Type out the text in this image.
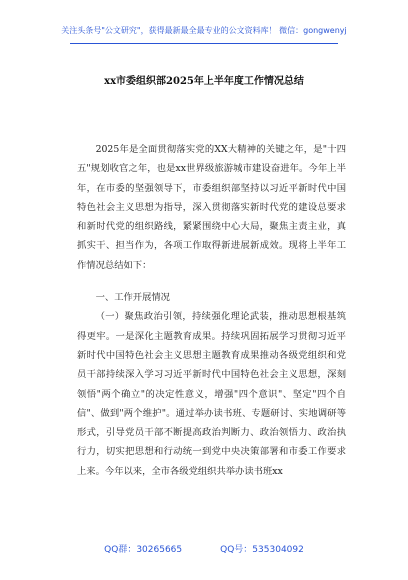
关注头条号"公文研究"，获得最新最全最专业的公文资料库！ 微信：gongwenyj
xx市委组织部2025年上半年度工作情况总结

2025年是全面贯彻落实党的XX大精神的关键之年，是"十四五"规划收官之年，也是xx世界级旅游城市建设奋进年。今年上半年，在市委的坚强领导下，市委组织部坚持以习近平新时代中国特色社会主义思想为指导，深入贯彻落实新时代党的建设总要求和新时代党的组织路线，紧紧围绕中心大局，聚焦主责主业，真抓实干、担当作为，各项工作取得新进展新成效。现将上半年工作情况总结如下：

一、工作开展情况

（一）聚焦政治引领，持续强化理论武装，推动思想根基筑得更牢。一是深化主题教育成果。持续巩固拓展学习贯彻习近平新时代中国特色社会主义思想主题教育成果推动各级党组织和党员干部持续深入学习习近平新时代中国特色社会主义思想，深刻领悟"两个确立"的决定性意义，增强"四个意识"、坚定"四个自信"、做到"两个维护"。通过举办读书班、专题研讨、实地调研等形式，引导党员干部不断提高政治判断力、政治领悟力、政治执行力，切实把思想和行动统一到党中央决策部署和市委工作要求上来。今年以来，全市各级党组织共举办读书班xx

QQ群：30265665	QQ号：535304092
